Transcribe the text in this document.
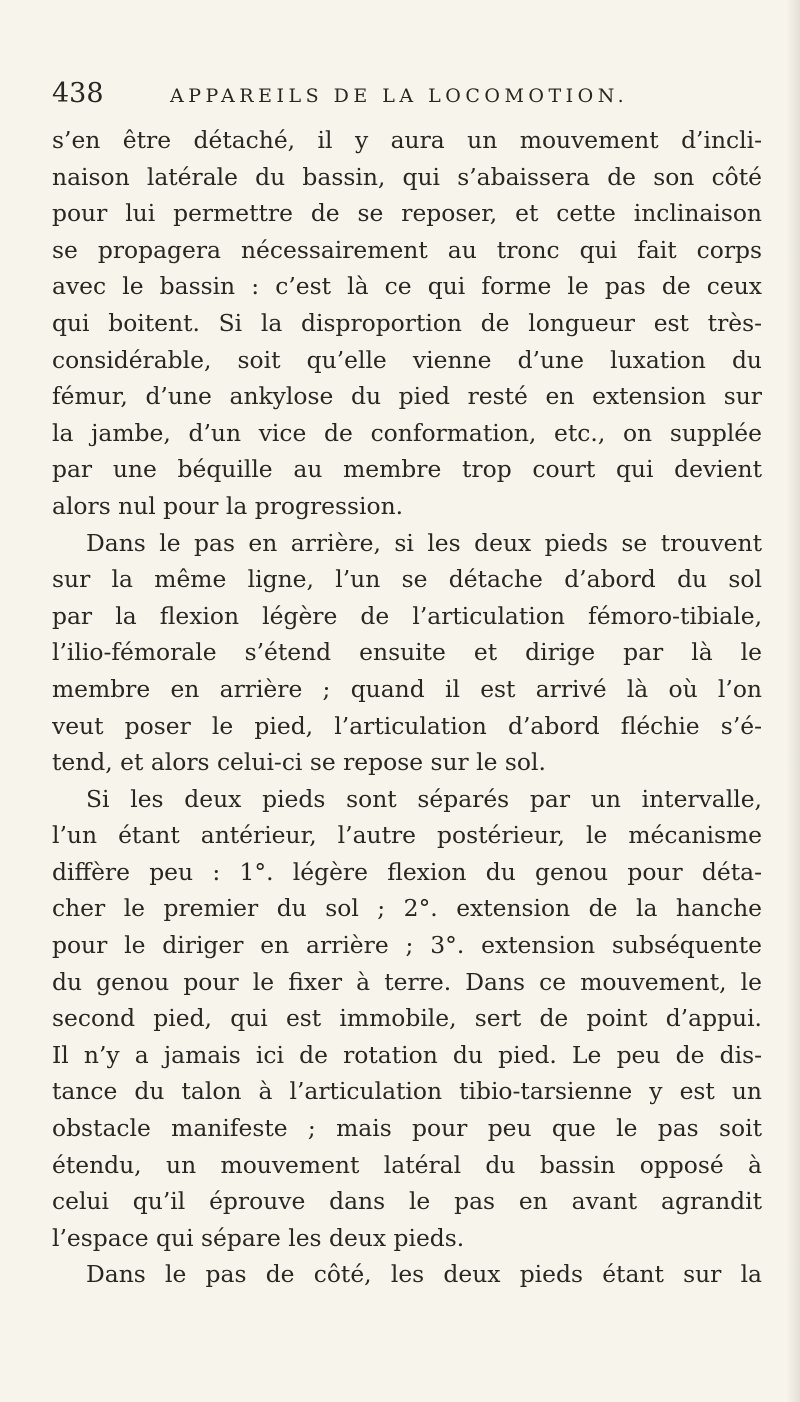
438	APPAREILS DE LA LOCOMOTION.
s’en être détaché, il y aura un mouvement d’incli-
naison latérale du bassin, qui s’abaissera de son côté
pour lui permettre de se reposer, et cette inclinaison
se propagera nécessairement au tronc qui fait corps
avec le bassin : c’est là ce qui forme le pas de ceux
qui boitent. Si la disproportion de longueur est très-
considérable, soit qu’elle vienne d’une luxation du
fémur, d’une ankylose du pied resté en extension sur
la jambe, d’un vice de conformation, etc., on supplée
par une béquille au membre trop court qui devient
alors nul pour la progression.
Dans le pas en arrière, si les deux pieds se trouvent
sur la même ligne, l’un se détache d’abord du sol
par la flexion légère de l’articulation fémoro-tibiale,
l’ilio-fémorale s’étend ensuite et dirige par là le
membre en arrière ; quand il est arrivé là où l’on
veut poser le pied, l’articulation d’abord fléchie s’é-
tend, et alors celui-ci se repose sur le sol.
Si les deux pieds sont séparés par un intervalle,
l’un étant antérieur, l’autre postérieur, le mécanisme
diffère peu : 1°. légère flexion du genou pour déta-
cher le premier du sol ; 2°. extension de la hanche
pour le diriger en arrière ; 3°. extension subséquente
du genou pour le fixer à terre. Dans ce mouvement, le
second pied, qui est immobile, sert de point d’appui.
Il n’y a jamais ici de rotation du pied. Le peu de dis-
tance du talon à l’articulation tibio-tarsienne y est un
obstacle manifeste ; mais pour peu que le pas soit
étendu, un mouvement latéral du bassin opposé à
celui qu’il éprouve dans le pas en avant agrandit
l’espace qui sépare les deux pieds.
Dans le pas de côté, les deux pieds étant sur la
